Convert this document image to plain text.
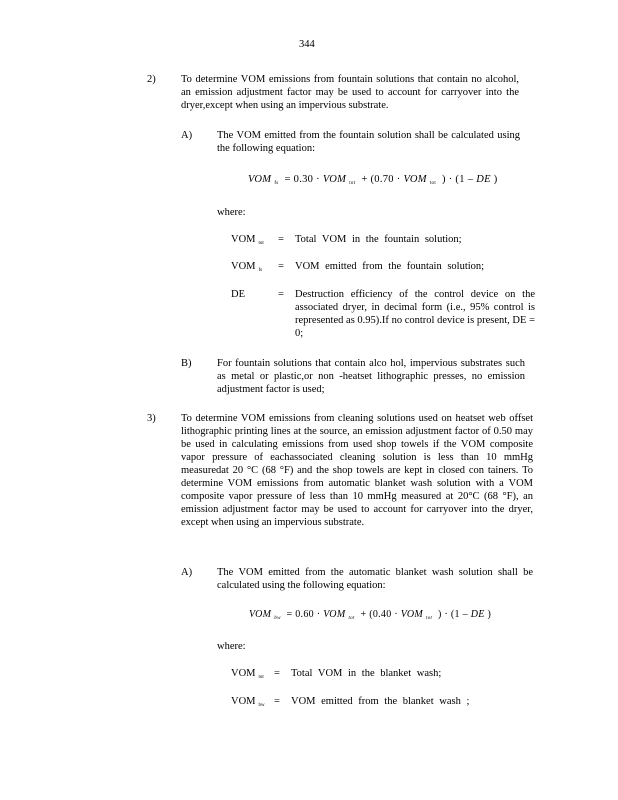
344
2) To determine VOM emissions from fountain solutions that contain no alcohol, an emission adjustment factor may be used to account for carryover into the dryer,except when using an impervious substrate.
A) The VOM emitted from the fountain solution shall be calculated using the following equation:
VOM $_{fs}$ = 0.30 · VOM $_{tot}$ + (0.70 · VOM $_{tot}$ ) · (1 – DE )
where:
VOM $_{tot}$ = Total VOM in the fountain solution;
VOM $_{fs}$ = VOM emitted from the fountain solution;
DE	= Destruction efficiency of the control device on the associated dryer, in decimal form (i.e., 95% control is represented as 0.95).If no control device is present, DE = 0;
B) For fountain solutions that contain alco hol, impervious substrates such as metal or plastic,or non -heatset lithographic presses, no emission adjustment factor is used;
3) To determine VOM emissions from cleaning solutions used on heatset web offset lithographic printing lines at the source, an emission adjustment factor of 0.50 may be used in calculating emissions from used shop towels if the VOM composite vapor pressure of eachassociated cleaning solution is less than 10 mmHg measuredat 20 °C (68 °F) and the shop towels are kept in closed con tainers. To determine VOM emissions from automatic blanket wash solution with a VOM composite vapor pressure of less than 10 mmHg measured at 20°C (68 °F), an emission adjustment factor may be used to account for carryover into the dryer, except when using an impervious substrate.
A) The VOM emitted from the automatic blanket wash solution shall be calculated using the following equation:
VOM $_{bw}$ = 0.60 · VOM $_{tot}$ + (0.40 · VOM $_{tot}$ ) · (1 – DE )
where:
VOM $_{tot}$ = Total VOM in the blanket wash;
VOM $_{bw}$ = VOM emitted from the blanket wash ;
